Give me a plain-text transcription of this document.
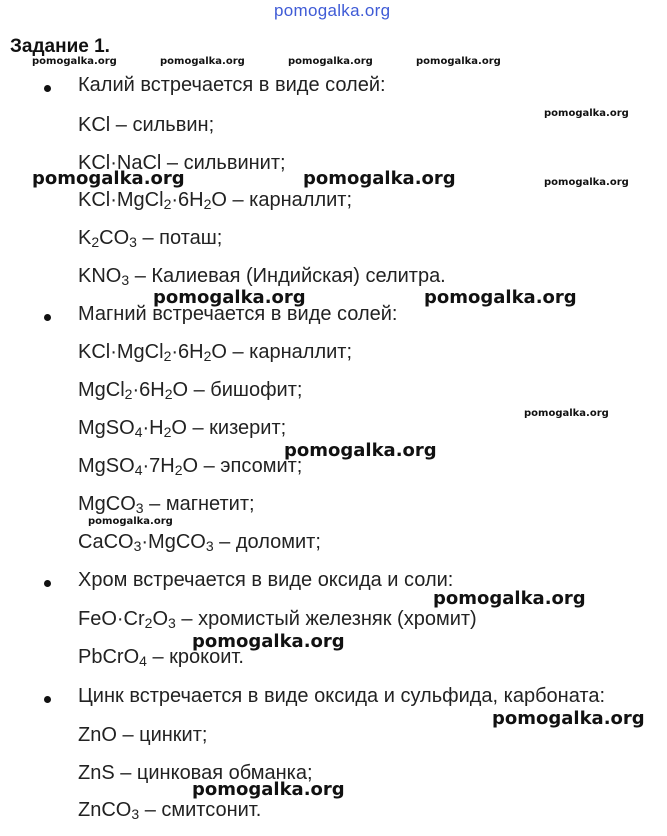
pomogalka.org
Задание 1.
pomogalka.org	pomogalka.org	pomogalka.org	pomogalka.org
pomogalka.org
pomogalka.org
pomogalka.org
pomogalka.org
Калий встречается в виде солей:
KCl – сильвин;
KCl·NaCl – сильвинит;
$KCl\cdot MgCl_2\cdot 6H_2O$ – карналлит;
$K_2CO_3$ – поташ;
$KNO_3$ – Калиевая (Индийская) селитра.
Магний встречается в виде солей:
$KCl\cdot MgCl_2\cdot 6H_2O$ – карналлит;
$MgCl_2\cdot 6H_2O$ – бишофит;
$MgSO_4\cdot H_2O$ – кизерит;
$MgSO_4\cdot 7H_2O$ – эпсомит;
MgCO$_3$ – магнетит;
CaCO$_3$·MgCO$_3$ – доломит;
Хром встречается в виде оксида и соли:
$FeO\cdot Cr_2O_3$ – хромистый железняк (хромит)
PbCrO$_4$ – крокоит.
Цинк встречается в виде оксида и сульфида, карбоната:
ZnO – цинкит;
ZnS – цинковая обманка;
ZnCO$_3$ – смитсонит.
pomogalka.org	pomogalka.org
pomogalka.org	pomogalka.org
pomogalka.org
pomogalka.org
pomogalka.org
pomogalka.org
pomogalka.org
